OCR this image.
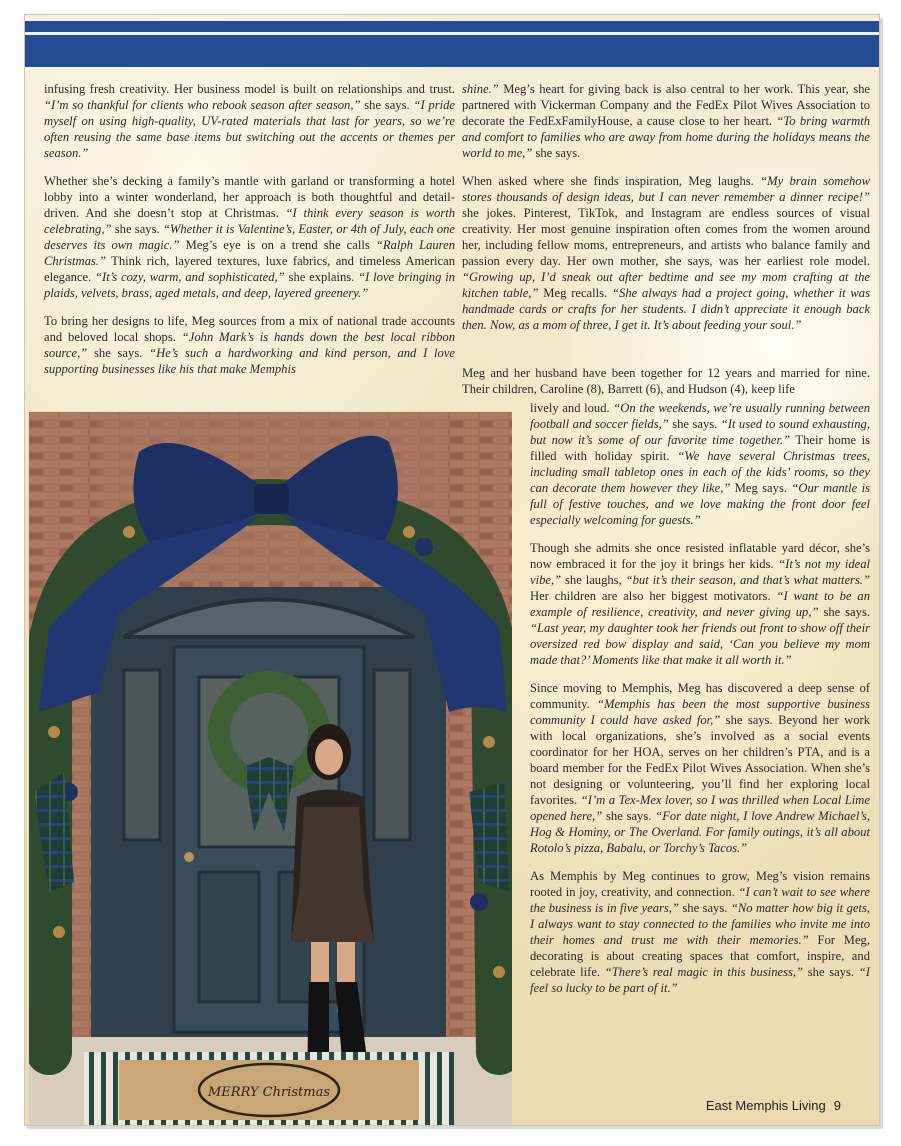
infusing fresh creativity. Her business model is built on relationships and trust. “I’m so thankful for clients who rebook season after season,” she says. “I pride myself on using high-quality, UV-rated materials that last for years, so we’re often reusing the same base items but switching out the accents or themes per season.”

Whether she’s decking a family’s mantle with garland or transforming a hotel lobby into a winter wonderland, her approach is both thoughtful and detail-driven. And she doesn’t stop at Christmas. “I think every season is worth celebrating,” she says. “Whether it is Valentine’s, Easter, or 4th of July, each one deserves its own magic.” Meg’s eye is on a trend she calls “Ralph Lauren Christmas.” Think rich, layered textures, luxe fabrics, and timeless American elegance. “It’s cozy, warm, and sophisticated,” she explains. “I love bringing in plaids, velvets, brass, aged metals, and deep, layered greenery.”

To bring her designs to life, Meg sources from a mix of national trade accounts and beloved local shops. “John Mark’s is hands down the best local ribbon source,” she says. “He’s such a hardworking and kind person, and I love supporting businesses like his that make Memphis

shine.” Meg’s heart for giving back is also central to her work. This year, she partnered with Vickerman Company and the FedEx Pilot Wives Association to decorate the FedExFamilyHouse, a cause close to her heart. “To bring warmth and comfort to families who are away from home during the holidays means the world to me,” she says.

When asked where she finds inspiration, Meg laughs. “My brain somehow stores thousands of design ideas, but I can never remember a dinner recipe!” she jokes. Pinterest, TikTok, and Instagram are endless sources of visual creativity. Her most genuine inspiration often comes from the women around her, including fellow moms, entrepreneurs, and artists who balance family and passion every day. Her own mother, she says, was her earliest role model. “Growing up, I’d sneak out after bedtime and see my mom crafting at the kitchen table,” Meg recalls. “She always had a project going, whether it was handmade cards or crafts for her students. I didn’t appreciate it enough back then. Now, as a mom of three, I get it. It’s about feeding your soul.”

Meg and her husband have been together for 12 years and married for nine. Their children, Caroline (8), Barrett (6), and Hudson (4), keep life

lively and loud. “On the weekends, we’re usually running between football and soccer fields,” she says. “It used to sound exhausting, but now it’s some of our favorite time together.” Their home is filled with holiday spirit. “We have several Christmas trees, including small tabletop ones in each of the kids’ rooms, so they can decorate them however they like,” Meg says. “Our mantle is full of festive touches, and we love making the front door feel especially welcoming for guests.”

Though she admits she once resisted inflatable yard décor, she’s now embraced it for the joy it brings her kids. “It’s not my ideal vibe,” she laughs, “but it’s their season, and that’s what matters.” Her children are also her biggest motivators. “I want to be an example of resilience, creativity, and never giving up,” she says. “Last year, my daughter took her friends out front to show off their oversized red bow display and said, ‘Can you believe my mom made that?’ Moments like that make it all worth it.”

Since moving to Memphis, Meg has discovered a deep sense of community. “Memphis has been the most supportive business community I could have asked for,” she says. Beyond her work with local organizations, she’s involved as a social events coordinator for her HOA, serves on her children’s PTA, and is a board member for the FedEx Pilot Wives Association. When she’s not designing or volunteering, you’ll find her exploring local favorites. “I’m a Tex-Mex lover, so I was thrilled when Local Lime opened here,” she says. “For date night, I love Andrew Michael’s, Hog & Hominy, or The Overland. For family outings, it’s all about Rotolo’s pizza, Babalu, or Torchy’s Tacos.”

As Memphis by Meg continues to grow, Meg’s vision remains rooted in joy, creativity, and connection. “I can’t wait to see where the business is in five years,” she says. “No matter how big it gets, I always want to stay connected to the families who invite me into their homes and trust me with their memories.” For Meg, decorating is about creating spaces that comfort, inspire, and celebrate life. “There’s real magic in this business,” she says. “I feel so lucky to be part of it.”

MERRY Christmas
East Memphis Living 9
